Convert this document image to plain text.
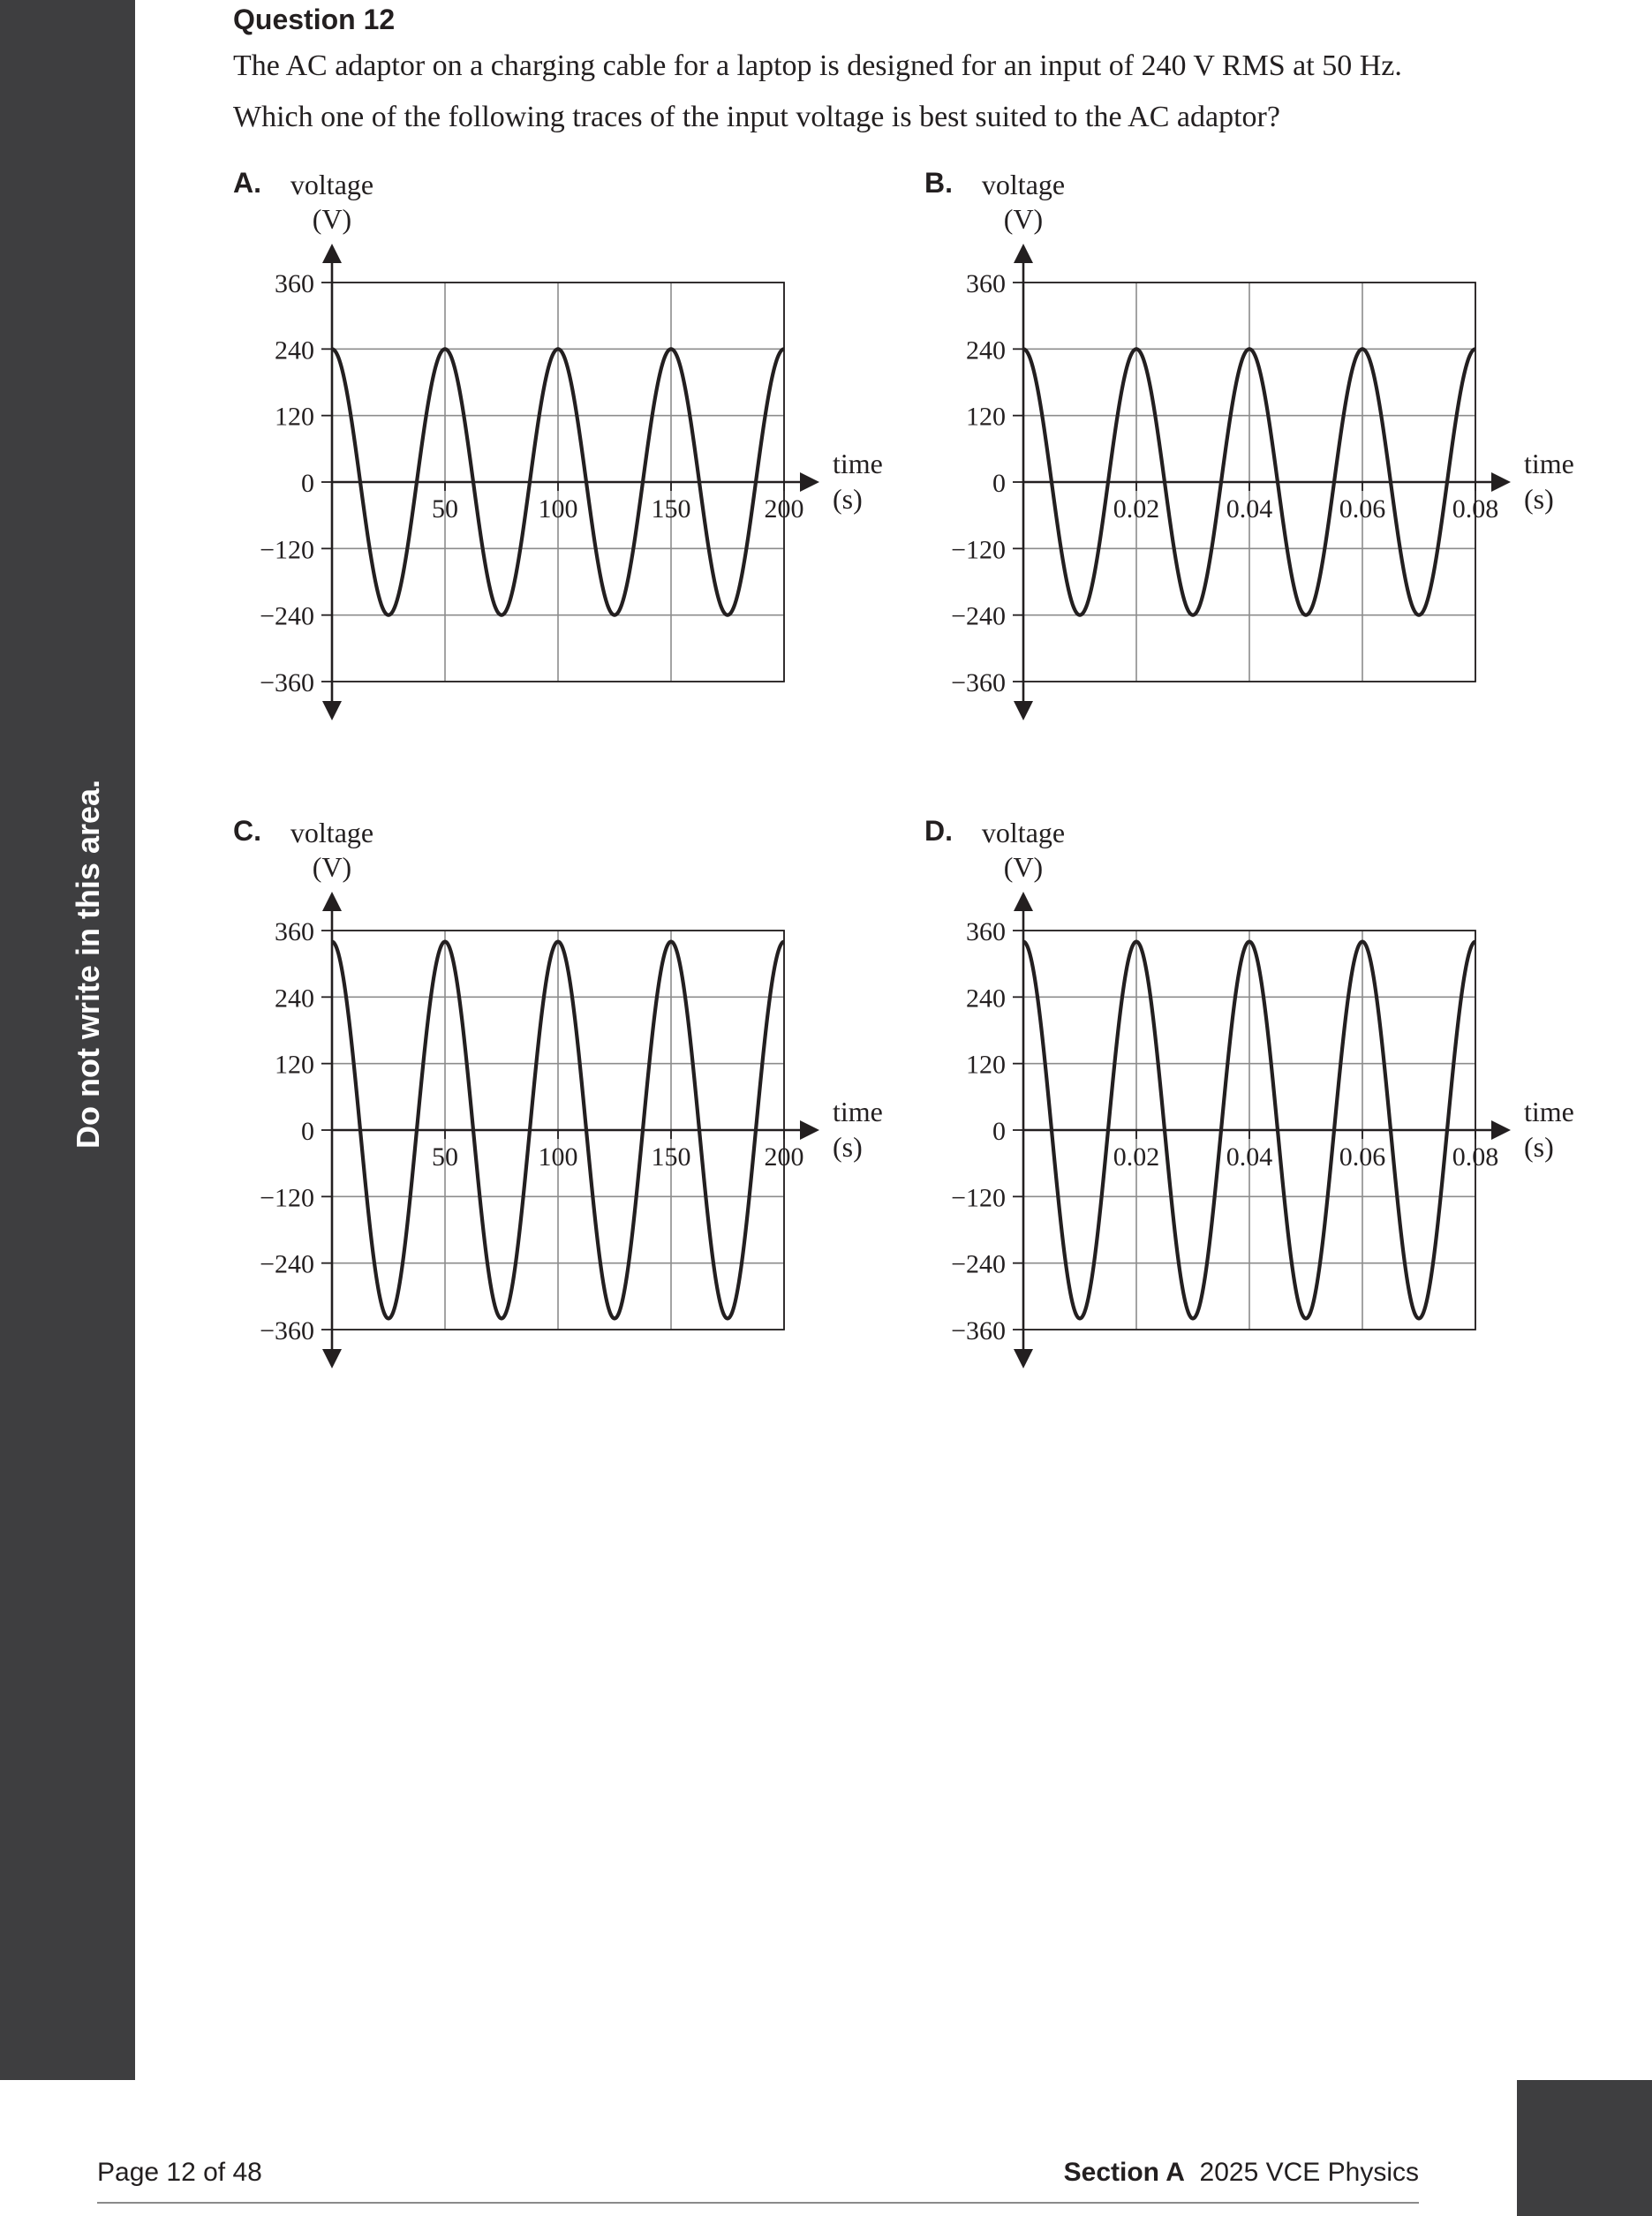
Do not write in this area.
Question 12
The AC adaptor on a charging cable for a laptop is designed for an input of 240 V RMS at 50 Hz.
Which one of the following traces of the input voltage is best suited to the AC adaptor?
360
240
120
0
−120
−240
−360
50	100	150	200
A. voltage
(V)
time
(s)
360
240
120
0
−120
−240
−360
0.02	0.04	0.06	0.08
B. voltage
(V)
time
(s)
360
240
120
0
−120
−240
−360
50	100	150	200
C. voltage
(V)
time
(s)
360
240
120
0
−120
−240
−360
0.02	0.04	0.06	0.08
D. voltage
(V)
time
(s)
Page 12 of 48	Section A 2025 VCE Physics
